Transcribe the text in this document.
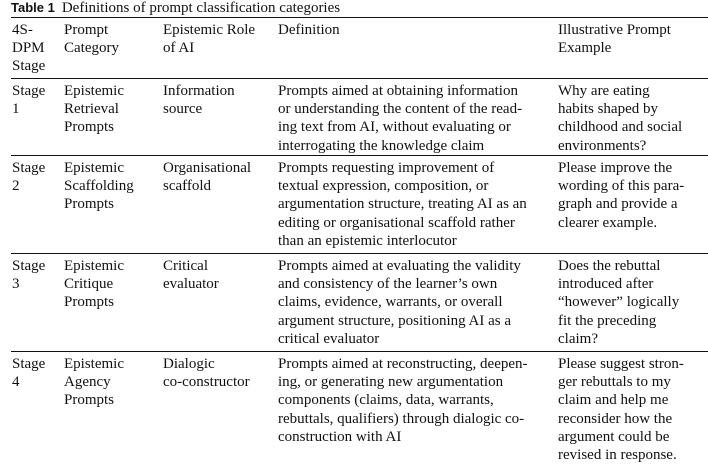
Table 1 Definitions of prompt classification categories
4S-
DPM
Stage
Prompt
Category
Epistemic Role
of AI
Definition	Illustrative Prompt
Example
Stage
1
Epistemic
Retrieval
Prompts
Information
source
Prompts aimed at obtaining information
or understanding the content of the read-
ing text from AI, without evaluating or
interrogating the knowledge claim
Why are eating
habits shaped by
childhood and social
environments?
Stage
2
Epistemic
Scaffolding
Prompts
Organisational
scaffold
Prompts requesting improvement of
textual expression, composition, or
argumentation structure, treating AI as an
editing or organisational scaffold rather
than an epistemic interlocutor
Please improve the
wording of this para-
graph and provide a
clearer example.
Stage
3
Epistemic
Critique
Prompts
Critical
evaluator
Prompts aimed at evaluating the validity
and consistency of the learner’s own
claims, evidence, warrants, or overall
argument structure, positioning AI as a
critical evaluator
Does the rebuttal
introduced after
“however” logically
fit the preceding
claim?
Stage
4
Epistemic
Agency
Prompts
Dialogic
co-constructor
Prompts aimed at reconstructing, deepen-
ing, or generating new argumentation
components (claims, data, warrants,
rebuttals, qualifiers) through dialogic co-
construction with AI
Please suggest stron-
ger rebuttals to my
claim and help me
reconsider how the
argument could be
revised in response.
